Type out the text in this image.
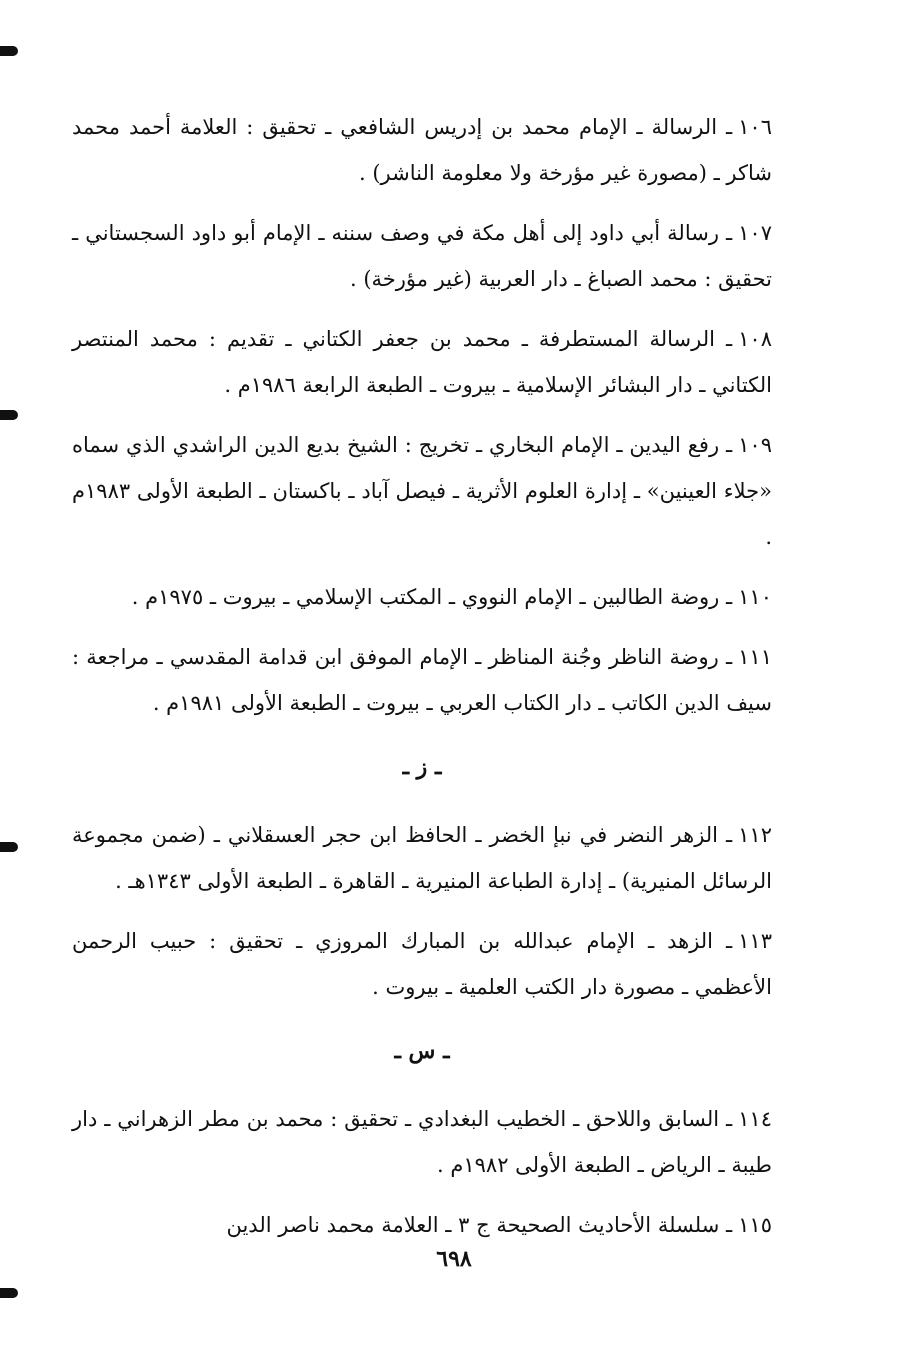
١٠٦ـ الرسالة ـ الإمام محمد بن إدريس الشافعي ـ تحقيق : العلامة أحمد محمد شاكر ـ (مصورة غير مؤرخة ولا معلومة الناشر) .

١٠٧ـ رسالة أبي داود إلى أهل مكة في وصف سننه ـ الإمام أبو داود السجستاني ـ تحقيق : محمد الصباغ ـ دار العربية (غير مؤرخة) .

١٠٨ـ الرسالة المستطرفة ـ محمد بن جعفر الكتاني ـ تقديم : محمد المنتصر الكتاني ـ دار البشائر الإسلامية ـ بيروت ـ الطبعة الرابعة ١٩٨٦م .

١٠٩ـ رفع اليدين ـ الإمام البخاري ـ تخريج : الشيخ بديع الدين الراشدي الذي سماه «جلاء العينين» ـ إدارة العلوم الأثرية ـ فيصل آباد ـ باكستان ـ الطبعة الأولى ١٩٨٣م .

١١٠ـ روضة الطالبين ـ الإمام النووي ـ المكتب الإسلامي ـ بيروت ـ ١٩٧٥م .

١١١ـ روضة الناظر وجُنة المناظر ـ الإمام الموفق ابن قدامة المقدسي ـ مراجعة : سيف الدين الكاتب ـ دار الكتاب العربي ـ بيروت ـ الطبعة الأولى ١٩٨١م .

ـ ز ـ

١١٢ـ الزهر النضر في نبإ الخضر ـ الحافظ ابن حجر العسقلاني ـ (ضمن مجموعة الرسائل المنيرية) ـ إدارة الطباعة المنيرية ـ القاهرة ـ الطبعة الأولى ١٣٤٣هـ .

١١٣ـ الزهد ـ الإمام عبدالله بن المبارك المروزي ـ تحقيق : حبيب الرحمن الأعظمي ـ مصورة دار الكتب العلمية ـ بيروت .

ـ س ـ

١١٤ـ السابق واللاحق ـ الخطيب البغدادي ـ تحقيق : محمد بن مطر الزهراني ـ دار طيبة ـ الرياض ـ الطبعة الأولى ١٩٨٢م .

١١٥ـ سلسلة الأحاديث الصحيحة ج ٣ ـ العلامة محمد ناصر الدين

٦٩٨
